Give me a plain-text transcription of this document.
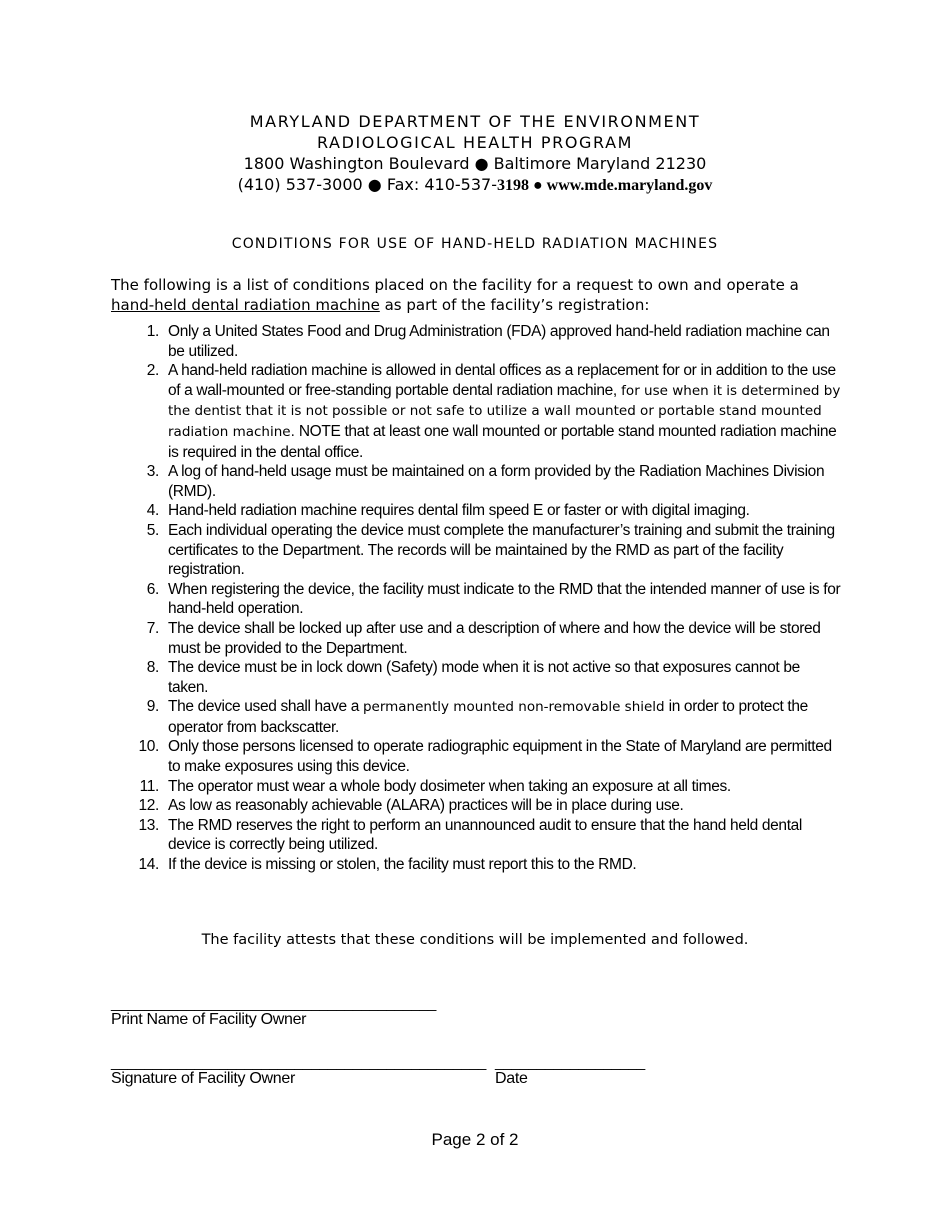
MARYLAND DEPARTMENT OF THE ENVIRONMENT
RADIOLOGICAL HEALTH PROGRAM
1800 Washington Boulevard ● Baltimore Maryland 21230
(410) 537-3000 ● Fax: 410-537-3198 ● www.mde.maryland.gov
CONDITIONS FOR USE OF HAND-HELD RADIATION MACHINES
The following is a list of conditions placed on the facility for a request to own and operate a hand-held dental radiation machine as part of the facility’s registration:
1. Only a United States Food and Drug Administration (FDA) approved hand-held radiation machine can be utilized.
2. A hand-held radiation machine is allowed in dental offices as a replacement for or in addition to the use of a wall-mounted or free-standing portable dental radiation machine, for use when it is determined by the dentist that it is not possible or not safe to utilize a wall mounted or portable stand mounted radiation machine. NOTE that at least one wall mounted or portable stand mounted radiation machine is required in the dental office.
3. A log of hand-held usage must be maintained on a form provided by the Radiation Machines Division (RMD).
4. Hand-held radiation machine requires dental film speed E or faster or with digital imaging.
5. Each individual operating the device must complete the manufacturer’s training and submit the training certificates to the Department. The records will be maintained by the RMD as part of the facility registration.
6. When registering the device, the facility must indicate to the RMD that the intended manner of use is for hand-held operation.
7. The device shall be locked up after use and a description of where and how the device will be stored must be provided to the Department.
8. The device must be in lock down (Safety) mode when it is not active so that exposures cannot be taken.
9. The device used shall have a permanently mounted non-removable shield in order to protect the operator from backscatter.
10. Only those persons licensed to operate radiographic equipment in the State of Maryland are permitted to make exposures using this device.
11. The operator must wear a whole body dosimeter when taking an exposure at all times.
12. As low as reasonably achievable (ALARA) practices will be in place during use.
13. The RMD reserves the right to perform an unannounced audit to ensure that the hand held dental device is correctly being utilized.
14. If the device is missing or stolen, the facility must report this to the RMD.
The facility attests that these conditions will be implemented and followed.
_______________________________________
Print Name of Facility Owner
_____________________________________________
Signature of Facility Owner
__________________
Date
Page 2 of 2
